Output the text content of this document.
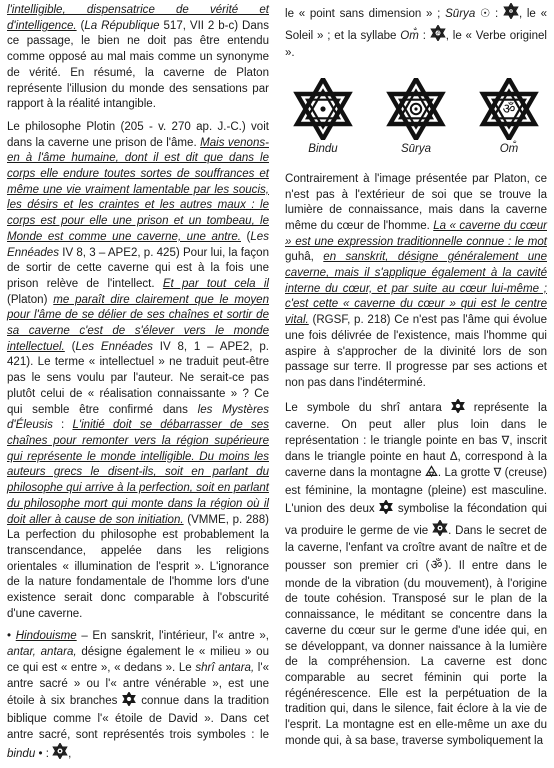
l'intelligible, dispensatrice de vérité et d'intelligence. (La République 517, VII 2 b-c) Dans ce passage, le bien ne doit pas être entendu comme opposé au mal mais comme un synonyme de vérité. En résumé, la caverne de Platon représente l'illusion du monde des sensations par rapport à la réalité intangible.

Le philosophe Plotin (205 - v. 270 ap. J.-C.) voit dans la caverne une prison de l'âme. Mais venons-en à l'âme humaine, dont il est dit que dans le corps elle endure toutes sortes de souffrances et même une vie vraiment lamentable par les soucis, les désirs et les craintes et les autres maux : le corps est pour elle une prison et un tombeau, le Monde est comme une caverne, une antre. (Les Ennéades IV 8, 3 – APE2, p. 425) Pour lui, la façon de sortir de cette caverne qui est à la fois une prison relève de l'intellect. Et par tout cela il (Platon) me paraît dire clairement que le moyen pour l'âme de se délier de ses chaînes et sortir de sa caverne c'est de s'élever vers le monde intellectuel. (Les Ennéades IV 8, 1 – APE2, p. 421). Le terme « intellectuel » ne traduit peut-être pas le sens voulu par l'auteur. Ne serait-ce pas plutôt celui de « réalisation connaissante » ? Ce qui semble être confirmé dans les Mystères d'Éleusis : L'initié doit se débarrasser de ses chaînes pour remonter vers la région supérieure qui représente le monde intelligible. Du moins les auteurs grecs le disent-ils, soit en parlant du philosophe qui arrive à la perfection, soit en parlant du philosophe mort qui monte dans la région où il doit aller à cause de son initiation. (VMME, p. 288) La perfection du philosophe est probablement la transcendance, appelée dans les religions orientales « illumination de l'esprit ». L'ignorance de la nature fondamentale de l'homme lors d'une existence serait donc comparable à l'obscurité d'une caverne.

• Hindouisme – En sanskrit, l'intérieur, l'« antre », antar, antara, désigne également le « milieu » ou ce qui est « entre », « dedans ». Le shrî antara, l'« antre sacré » ou l'« antre vénérable », est une étoile à six branches  connue dans la tradition biblique comme l'« étoile de David ». Dans cet antre sacré, sont représentés trois symboles : le bindu • : ,

le « point sans dimension » ; Sūrya ☉ : , le « Soleil » ; et la syllabe Om̐ : ॐ , le « Verbe originel ».

Bindu	Sūrya
ॐ
Om̐

Contrairement à l'image présentée par Platon, ce n'est pas à l'extérieur de soi que se trouve la lumière de connaissance, mais dans la caverne même du cœur de l'homme. La « caverne du cœur » est une expression traditionnelle connue : le mot guhâ, en sanskrit, désigne généralement une caverne, mais il s'applique également à la cavité interne du cœur, et par suite au cœur lui-même ; c'est cette « caverne du cœur » qui est le centre vital. (RGSF, p. 218) Ce n'est pas l'âme qui évolue une fois délivrée de l'existence, mais l'homme qui aspire à s'approcher de la divinité lors de son passage sur terre. Il progresse par ses actions et non pas dans l'indéterminé.

Le symbole du shrî antara  représente la caverne. On peut aller plus loin dans le représentation : le triangle pointe en bas ∇, inscrit dans le triangle pointe en haut Δ, correspond à la caverne dans la montagne . La grotte ∇ (creuse) est féminine, la montagne (pleine) est masculine. L'union des deux  symbolise la fécondation qui va produire le germe de vie . Dans le secret de la caverne, l'enfant va croître avant de naître et de pousser son premier cri ( ॐ ). Il entre dans le monde de la vibration (du mouvement), à l'origine de toute cohésion. Transposé sur le plan de la connaissance, le méditant se concentre dans la caverne du cœur sur le germe d'une idée qui, en se développant, va donner naissance à la lumière de la compréhension. La caverne est donc comparable au secret féminin qui porte la régénérescence. Elle est la perpétuation de la tradition qui, dans le silence, fait éclore à la vie de l'esprit. La montagne est en elle-même un axe du monde qui, à sa base, traverse symboliquement la
